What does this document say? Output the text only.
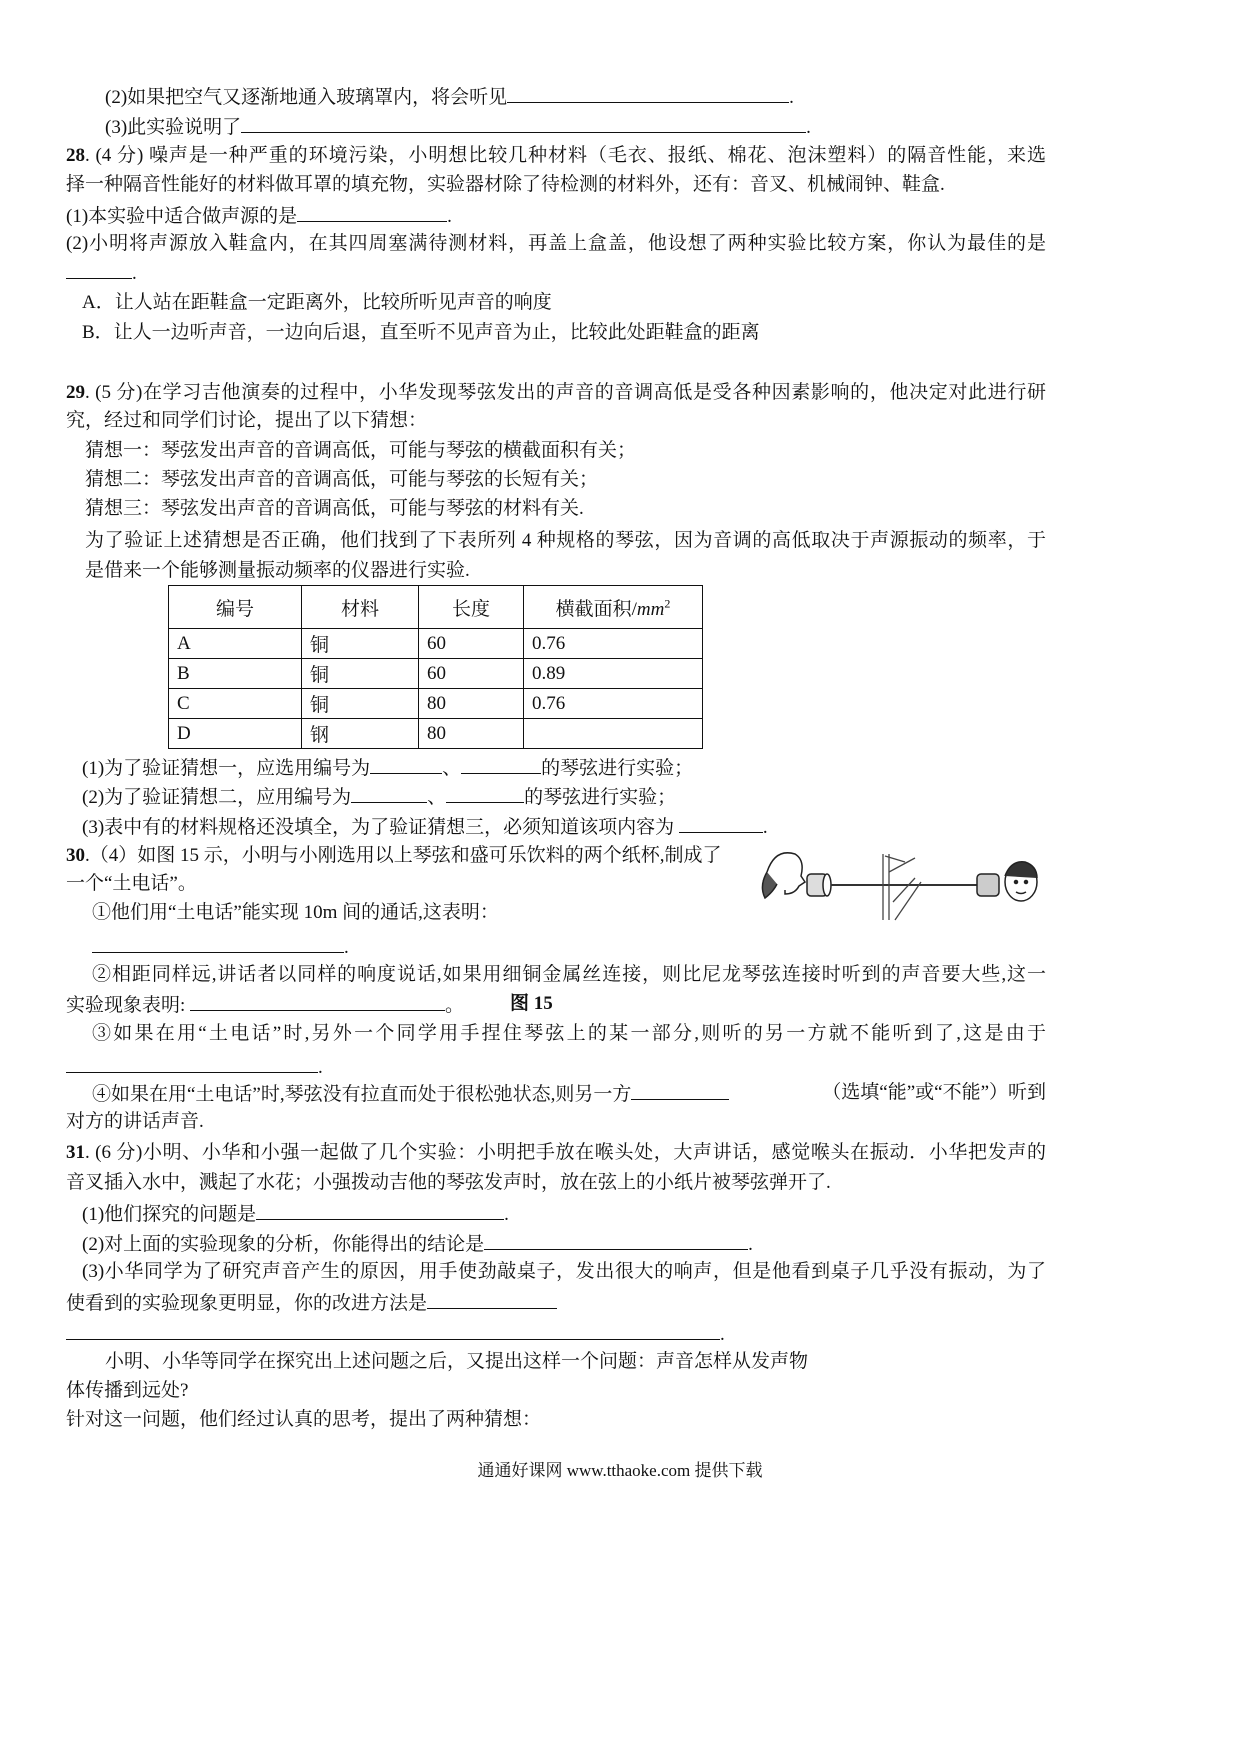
(2)如果把空气又逐渐地通入玻璃罩内，将会听见	.
(3)此实验说明了	.
28. (4 分) 噪声是一种严重的环境污染，小明想比较几种材料（毛衣、报纸、棉花、泡沫塑料）的隔音性能，来选
择一种隔音性能好的材料做耳罩的填充物，实验器材除了待检测的材料外，还有：音叉、机械闹钟、鞋盒.
(1)本实验中适合做声源的是	.
(2)小明将声源放入鞋盒内，在其四周塞满待测材料，再盖上盒盖，他设想了两种实验比较方案，你认为最佳的是
.
A．让人站在距鞋盒一定距离外，比较所听见声音的响度
B．让人一边听声音，一边向后退，直至听不见声音为止，比较此处距鞋盒的距离
29. (5 分)在学习吉他演奏的过程中，小华发现琴弦发出的声音的音调高低是受各种因素影响的，他决定对此进行研
究，经过和同学们讨论，提出了以下猜想：
猜想一：琴弦发出声音的音调高低，可能与琴弦的横截面积有关；
猜想二：琴弦发出声音的音调高低，可能与琴弦的长短有关；
猜想三：琴弦发出声音的音调高低，可能与琴弦的材料有关.
为了验证上述猜想是否正确，他们找到了下表所列 4 种规格的琴弦，因为音调的高低取决于声源振动的频率，于
是借来一个能够测量振动频率的仪器进行实验.
编号	材料	长度	横截面积$/mm^2$
A	铜	60	0.76
B	铜	60	0.89
C	铜	80	0.76
D	钢	80	
(1)为了验证猜想一，应选用编号为	、	的琴弦进行实验；
(2)为了验证猜想二，应用编号为	、	的琴弦进行实验；
(3)表中有的材料规格还没填全，为了验证猜想三，必须知道该项内容为	.
30.（4）如图 15 示，小明与小刚选用以上琴弦和盛可乐饮料的两个纸杯,制成了
一个“土电话”。
①他们用“土电话”能实现 10m 间的通话,这表明：
.
②相距同样远,讲话者以同样的响度说话,如果用细铜金属丝连接，则比尼龙琴弦连接时听到的声音要大些,这一
实验现象表明:	。 图 15
③如果在用“土电话”时,另外一个同学用手捏住琴弦上的某一部分,则听的另一方就不能听到了,这是由于
.
④如果在用“土电话”时,琴弦没有拉直而处于很松弛状态,则另一方	（选填“能”或“不能”）听到
对方的讲话声音.
31. (6 分)小明、小华和小强一起做了几个实验：小明把手放在喉头处，大声讲话，感觉喉头在振动．小华把发声的
音叉插入水中，溅起了水花；小强拨动吉他的琴弦发声时，放在弦上的小纸片被琴弦弹开了.
(1)他们探究的问题是	.
(2)对上面的实验现象的分析，你能得出的结论是	.
(3)小华同学为了研究声音产生的原因，用手使劲敲桌子，发出很大的响声，但是他看到桌子几乎没有振动，为了
使看到的实验现象更明显，你的改进方法是
.
小明、小华等同学在探究出上述问题之后，又提出这样一个问题：声音怎样从发声物
体传播到远处?
针对这一问题，他们经过认真的思考，提出了两种猜想：
通通好课网 www.tthaoke.com 提供下载
